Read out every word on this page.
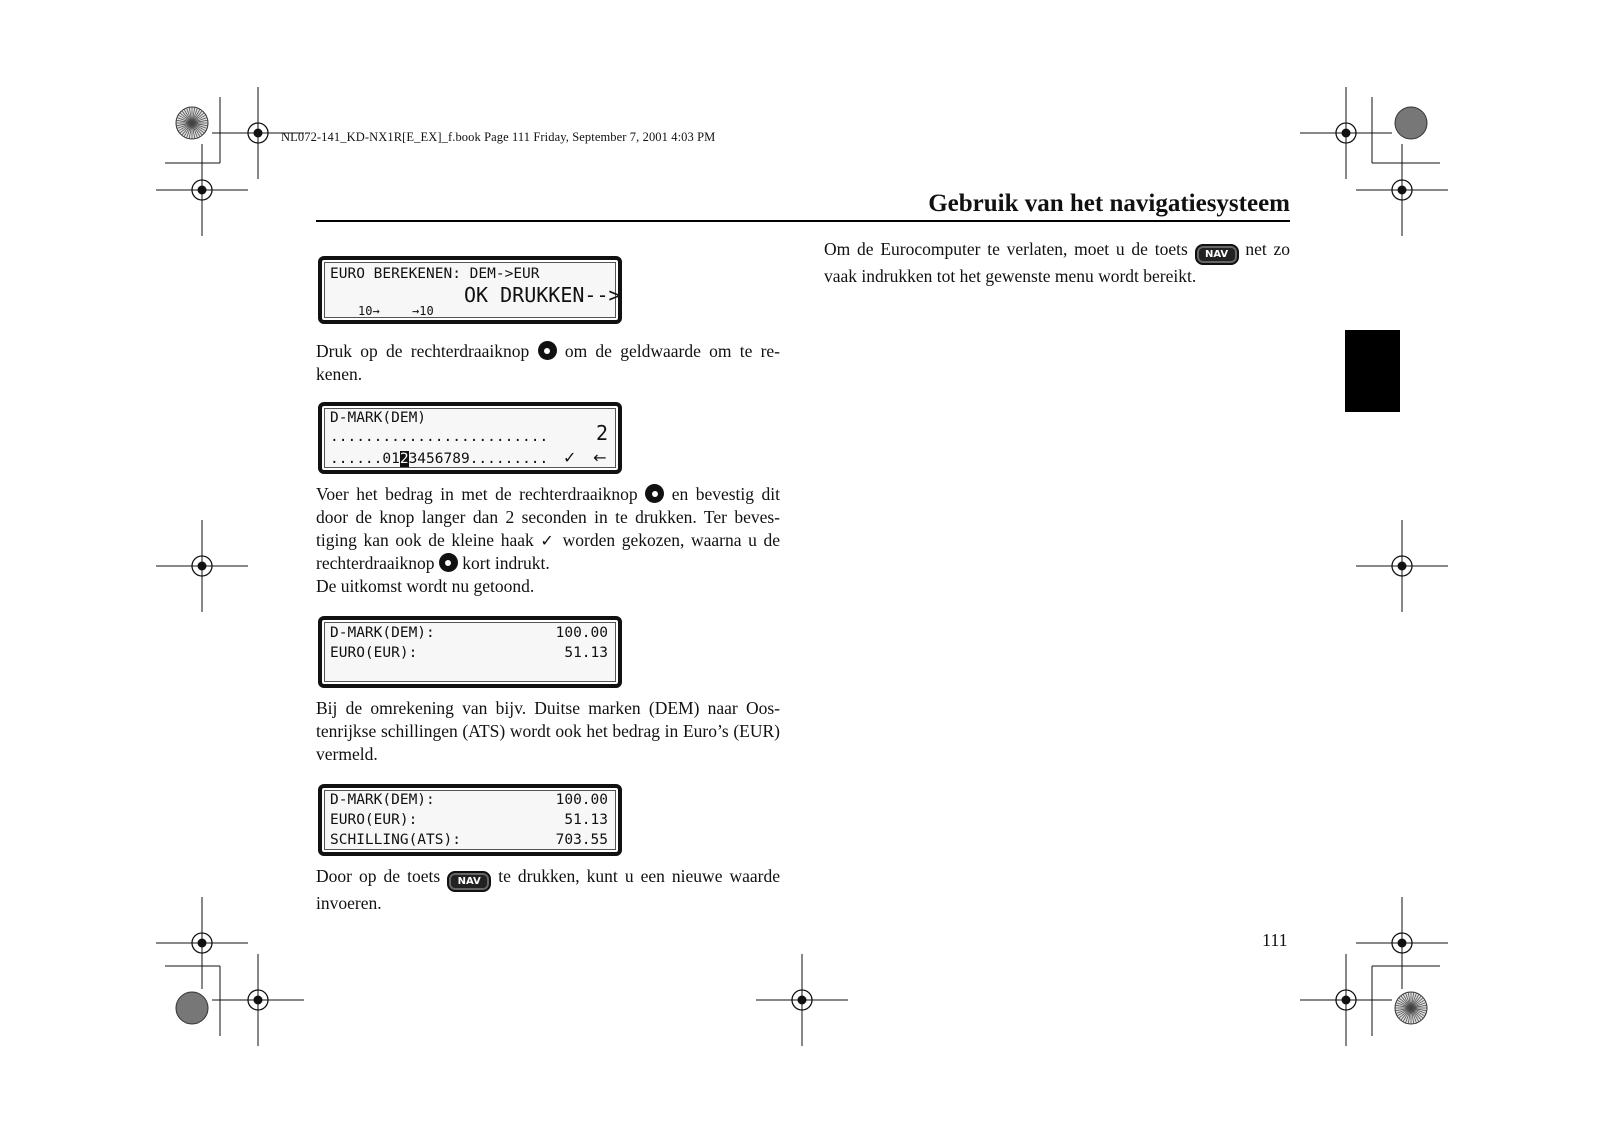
NL072-141_KD-NX1R[E_EX]_f.book Page 111 Friday, September 7, 2001 4:03 PM
Gebruik van het navigatiesysteem
EURO BEREKENEN: DEM->EUR
OK DRUKKEN-->
10→	→10

Druk op de rechterdraaiknop  om de geldwaarde om te re-kenen.

D-MARK(DEM)
......................... 2
......0123456789......... ✓ ←

Voer het bedrag in met de rechterdraaiknop  en bevestig dit door de knop langer dan 2 seconden in te drukken. Ter beves-tiging kan ook de kleine haak ✓ worden gekozen, waarna u de rechterdraaiknop  kort indrukt.

De uitkomst wordt nu getoond.

D-MARK(DEM):	100.00
EURO(EUR):	51.13
Bij de omrekening van bijv. Duitse marken (DEM) naar Oos-tenrijkse schillingen (ATS) wordt ook het bedrag in Euro’s (EUR) vermeld.
D-MARK(DEM):	100.00
EURO(EUR):	51.13
SCHILLING(ATS):	703.55

Door op de toets NAV te drukken, kunt u een nieuwe waarde invoeren.

Om de Eurocomputer te verlaten, moet u de toets NAV net zo vaak indrukken tot het gewenste menu wordt bereikt.

111
